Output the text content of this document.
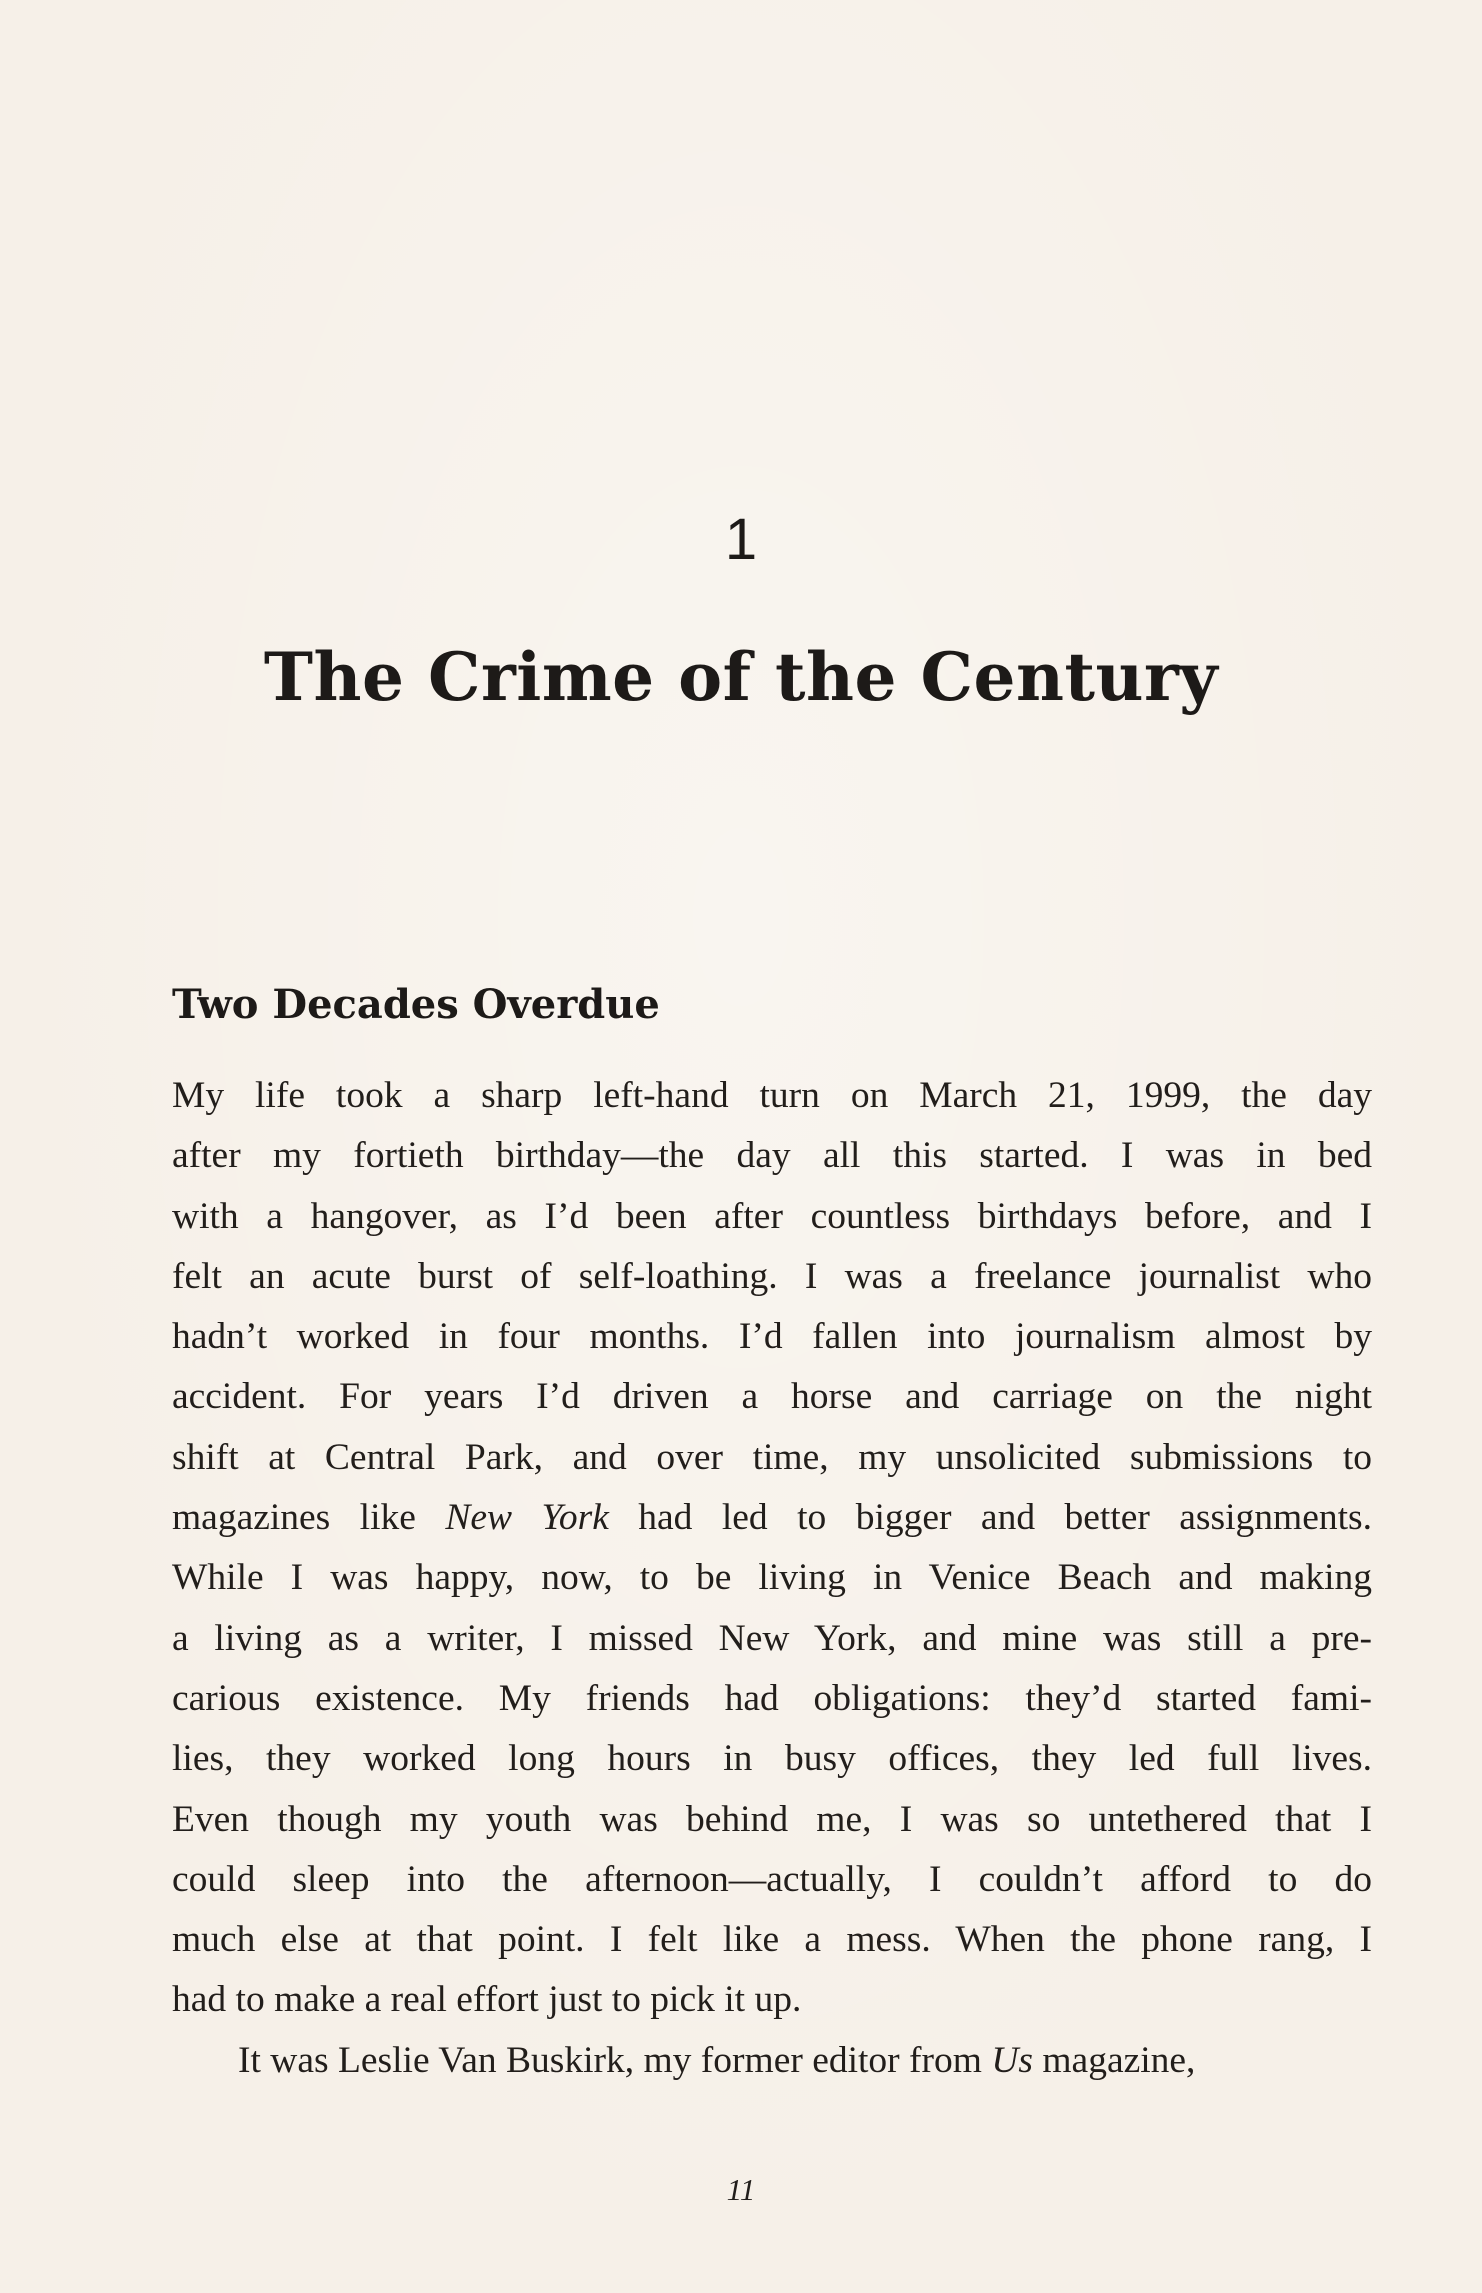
1
The Crime of the Century
Two Decades Overdue
My life took a sharp left-hand turn on March 21, 1999, the day
after my fortieth birthday—the day all this started. I was in bed
with a hangover, as I’d been after countless birthdays before, and I
felt an acute burst of self-loathing. I was a freelance journalist who
hadn’t worked in four months. I’d fallen into journalism almost by
accident. For years I’d driven a horse and carriage on the night
shift at Central Park, and over time, my unsolicited submissions to
magazines like New York had led to bigger and better assignments.
While I was happy, now, to be living in Venice Beach and making
a living as a writer, I missed New York, and mine was still a pre-
carious existence. My friends had obligations: they’d started fami-
lies, they worked long hours in busy offices, they led full lives.
Even though my youth was behind me, I was so untethered that I
could sleep into the afternoon—actually, I couldn’t afford to do
much else at that point. I felt like a mess. When the phone rang, I
had to make a real effort just to pick it up.
It was Leslie Van Buskirk, my former editor from Us magazine,
11
